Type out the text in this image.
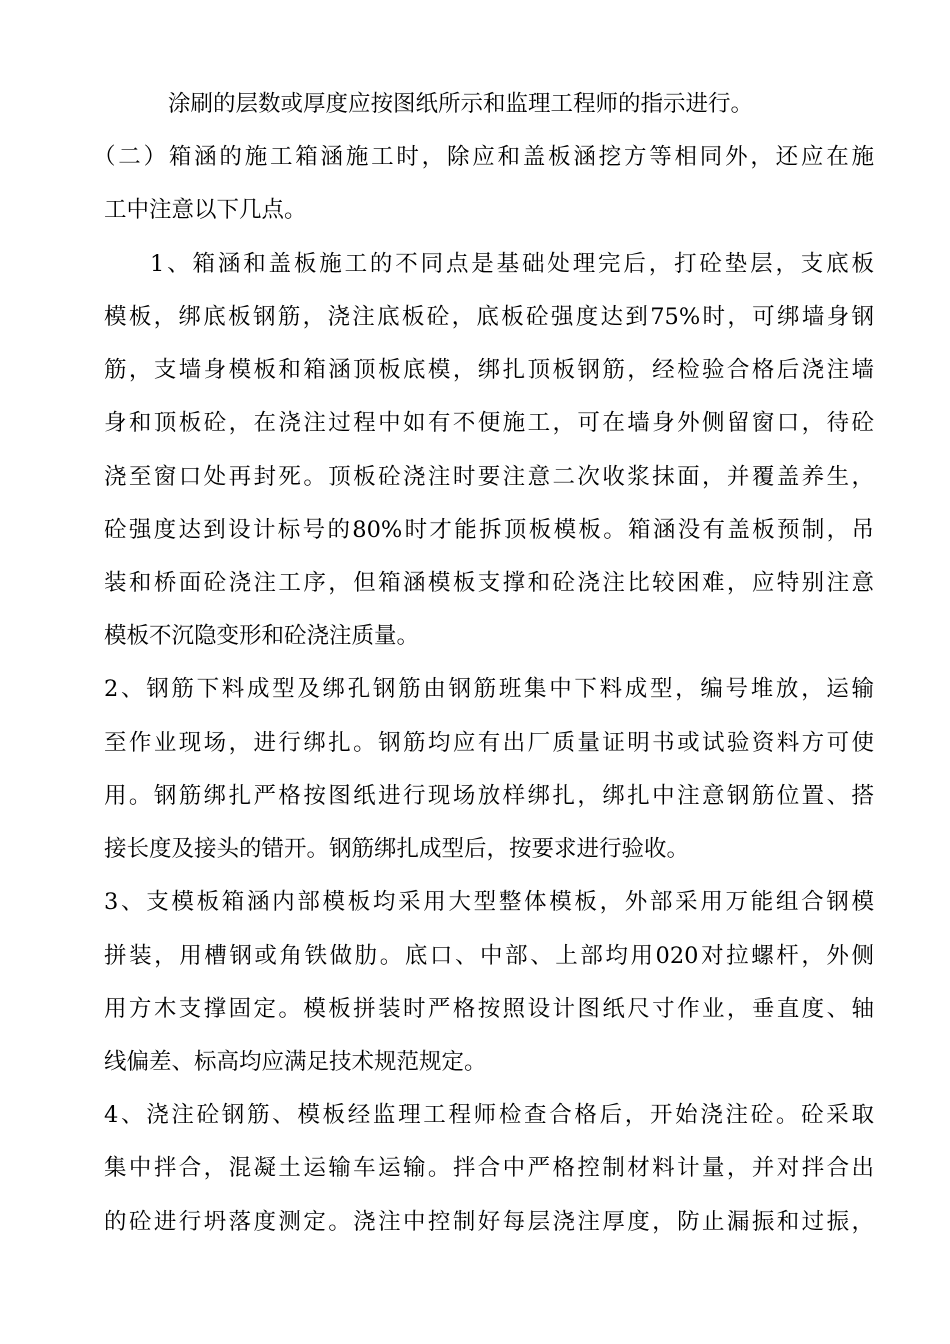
涂刷的层数或厚度应按图纸所示和监理工程师的指示进行。

（二）箱涵的施工箱涵施工时，除应和盖板涵挖方等相同外，还应在施

工中注意以下几点。

1、箱涵和盖板施工的不同点是基础处理完后，打砼垫层，支底板

模板，绑底板钢筋，浇注底板砼，底板砼强度达到75%时，可绑墙身钢

筋，支墙身模板和箱涵顶板底模，绑扎顶板钢筋，经检验合格后浇注墙

身和顶板砼，在浇注过程中如有不便施工，可在墙身外侧留窗口，待砼

浇至窗口处再封死。顶板砼浇注时要注意二次收浆抹面，并覆盖养生，

砼强度达到设计标号的80%时才能拆顶板模板。箱涵没有盖板预制，吊

装和桥面砼浇注工序，但箱涵模板支撑和砼浇注比较困难，应特别注意

模板不沉隐变形和砼浇注质量。

2、钢筋下料成型及绑孔钢筋由钢筋班集中下料成型，编号堆放，运输

至作业现场，进行绑扎。钢筋均应有出厂质量证明书或试验资料方可使

用。钢筋绑扎严格按图纸进行现场放样绑扎，绑扎中注意钢筋位置、搭

接长度及接头的错开。钢筋绑扎成型后，按要求进行验收。

3、支模板箱涵内部模板均采用大型整体模板，外部采用万能组合钢模

拼装，用槽钢或角铁做肋。底口、中部、上部均用020对拉螺杆，外侧

用方木支撑固定。模板拼装时严格按照设计图纸尺寸作业，垂直度、轴

线偏差、标高均应满足技术规范规定。

4、浇注砼钢筋、模板经监理工程师检查合格后，开始浇注砼。砼采取

集中拌合，混凝土运输车运输。拌合中严格控制材料计量，并对拌合出

的砼进行坍落度测定。浇注中控制好每层浇注厚度，防止漏振和过振，
